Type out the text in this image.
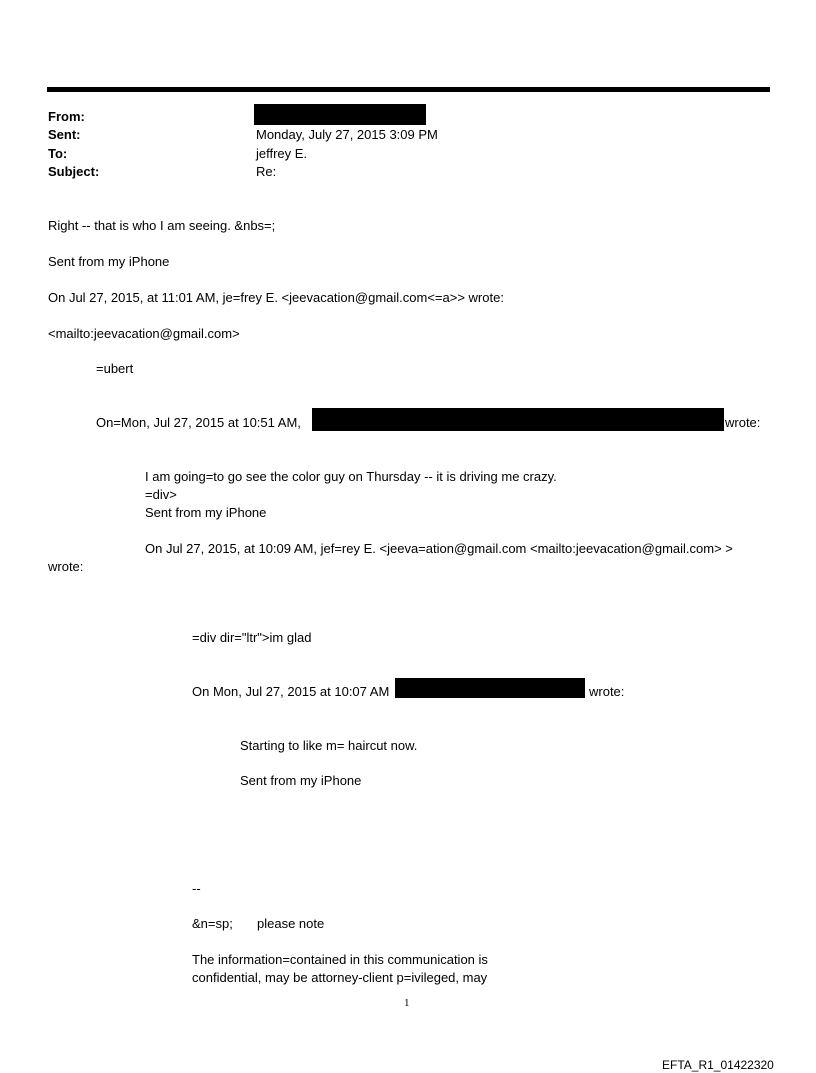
From:
Sent:	Monday, July 27, 2015 3:09 PM
To:	jeffrey E.
Subject:	Re:
Right -- that is who I am seeing. &nbs=;
Sent from my iPhone
On Jul 27, 2015, at 11:01 AM, je=frey E. <jeevacation@gmail.com<=a>> wrote:
<mailto:jeevacation@gmail.com>
=ubert
On=Mon, Jul 27, 2015 at 10:51 AM,	wrote:
I am going=to go see the color guy on Thursday -- it is driving me crazy.
=div>
Sent from my iPhone
On Jul 27, 2015, at 10:09 AM, jef=rey E. <jeeva=ation@gmail.com <mailto:jeevacation@gmail.com> >
wrote:
=div dir="ltr">im glad
On Mon, Jul 27, 2015 at 10:07 AM	wrote:
Starting to like m= haircut now.
Sent from my iPhone
--
&n=sp; please note
The information=contained in this communication is
confidential, may be attorney-client p=ivileged, may
1
EFTA_R1_01422320
